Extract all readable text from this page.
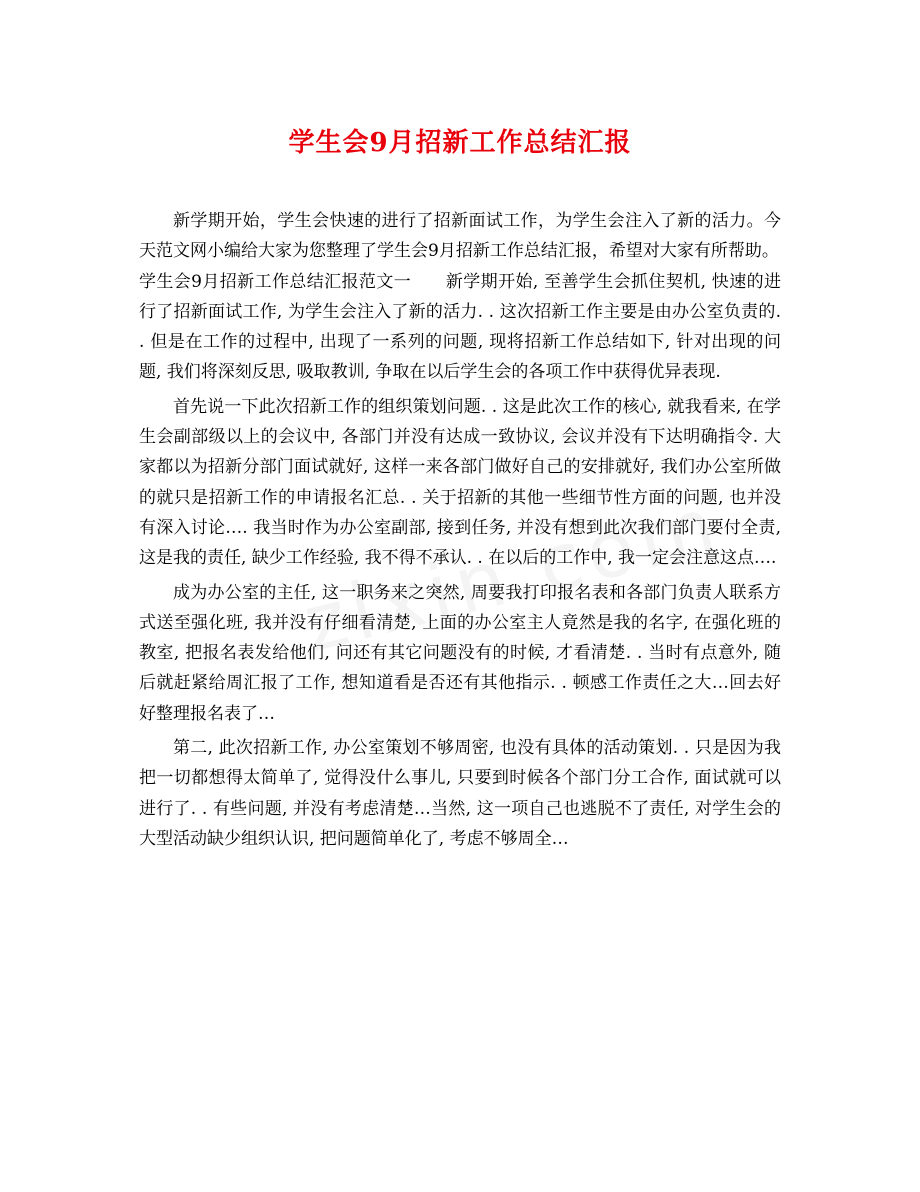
学生会9月招新工作总结汇报

新学期开始，学生会快速的进行了招新面试工作，为学生会注入了新的活力。今天范文网小编给大家为您整理了学生会9月招新工作总结汇报，希望对大家有所帮助。

学生会9月招新工作总结汇报范文一　　新学期开始, 至善学生会抓住契机, 快速的进行了招新面试工作, 为学生会注入了新的活力. . 这次招新工作主要是由办公室负责的. . 但是在工作的过程中, 出现了一系列的问题, 现将招新工作总结如下, 针对出现的问题, 我们将深刻反思, 吸取教训, 争取在以后学生会的各项工作中获得优异表现.

首先说一下此次招新工作的组织策划问题. . 这是此次工作的核心, 就我看来, 在学生会副部级以上的会议中, 各部门并没有达成一致协议, 会议并没有下达明确指令. 大家都以为招新分部门面试就好, 这样一来各部门做好自己的安排就好, 我们办公室所做的就只是招新工作的申请报名汇总. . 关于招新的其他一些细节性方面的问题, 也并没有深入讨论…. 我当时作为办公室副部, 接到任务, 并没有想到此次我们部门要付全责, 这是我的责任, 缺少工作经验, 我不得不承认. . 在以后的工作中, 我一定会注意这点….

成为办公室的主任, 这一职务来之突然, 周要我打印报名表和各部门负责人联系方式送至强化班, 我并没有仔细看清楚, 上面的办公室主人竟然是我的名字, 在强化班的教室, 把报名表发给他们, 问还有其它问题没有的时候, 才看清楚. . 当时有点意外, 随后就赶紧给周汇报了工作, 想知道看是否还有其他指示. . 顿感工作责任之大…回去好好整理报名表了…

第二, 此次招新工作, 办公室策划不够周密, 也没有具体的活动策划. . 只是因为我把一切都想得太简单了, 觉得没什么事儿, 只要到时候各个部门分工合作, 面试就可以进行了. . 有些问题, 并没有考虑清楚…当然, 这一项自己也逃脱不了责任, 对学生会的大型活动缺少组织认识, 把问题简单化了, 考虑不够周全…
